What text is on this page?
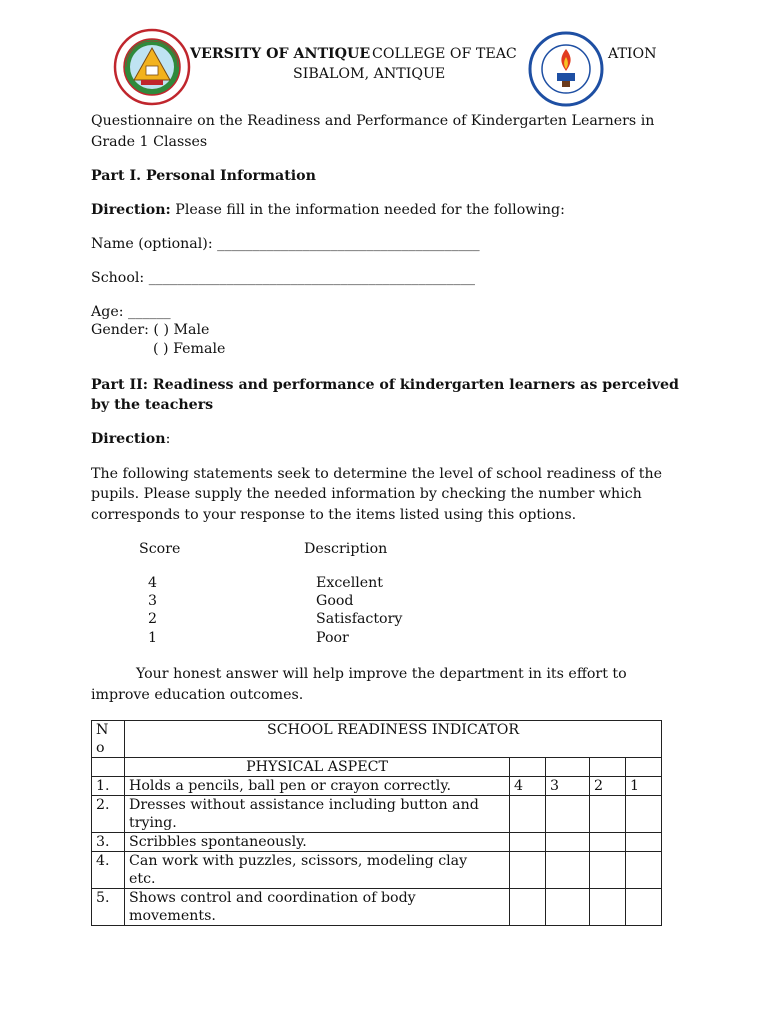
VERSITY OF ANTIQUE COLLEGE OF TEAC	ATION
SIBALOM, ANTIQUE
Questionnaire on the Readiness and Performance of Kindergarten Learners in
Grade 1 Classes
Part I. Personal Information
Direction: Please fill in the information needed for the following:
Name (optional): _____________________________________
School: ______________________________________________
Age: ______
Gender: ( ) Male
( ) Female
Part II: Readiness and performance of kindergarten learners as perceived
by the teachers
Direction:
The following statements seek to determine the level of school readiness of the
pupils. Please supply the needed information by checking the number which
corresponds to your response to the items listed using this options.
Score	Description
4	Excellent
3	Good
2	Satisfactory
1	Poor
Your honest answer will help improve the department in its effort to
improve education outcomes.
N
o	SCHOOL READINESS INDICATOR				
	PHYSICAL ASPECT				
1.	Holds a pencils, ball pen or crayon correctly.	4	3	2	1
2.	Dresses without assistance including button and
trying.				

3.	Scribbles spontaneously.				
4.	Can work with puzzles, scissors, modeling clay
etc.				

5.	Shows control and coordination of body
movements.				
